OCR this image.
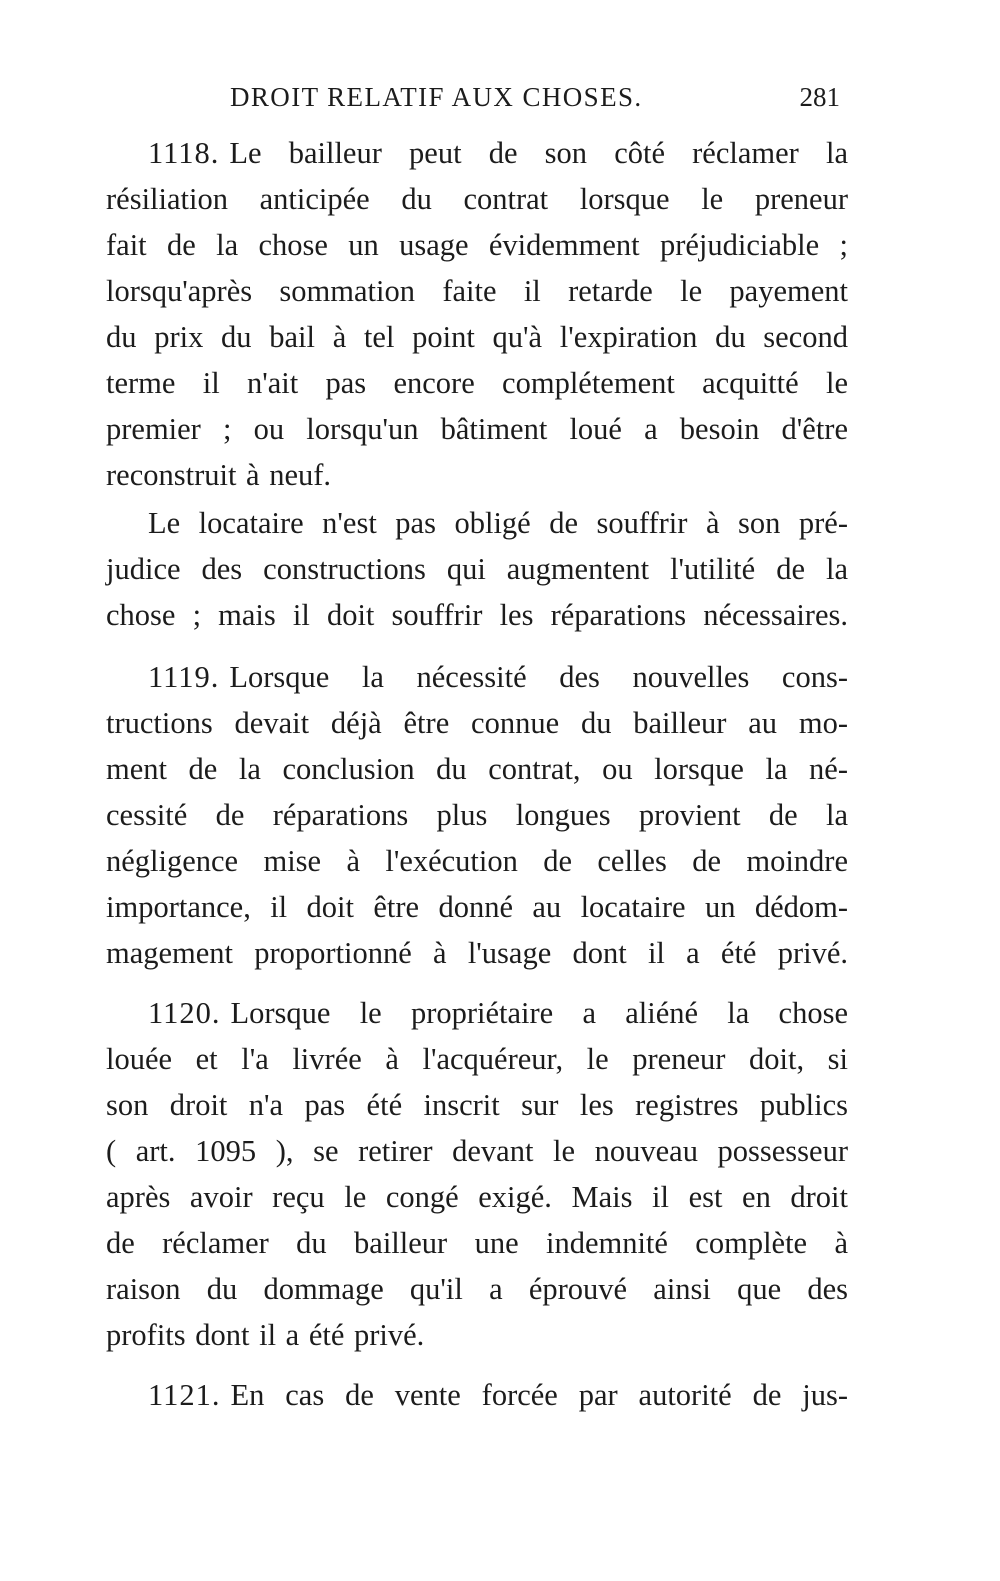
DROIT RELATIF AUX CHOSES.	281
1118. Le bailleur peut de son côté réclamer la
résiliation anticipée du contrat lorsque le preneur
fait de la chose un usage évidemment préjudiciable ;
lorsqu'après sommation faite il retarde le payement
du prix du bail à tel point qu'à l'expiration du second
terme il n'ait pas encore complétement acquitté le
premier ; ou lorsqu'un bâtiment loué a besoin d'être
reconstruit à neuf.
Le locataire n'est pas obligé de souffrir à son pré-
judice des constructions qui augmentent l'utilité de la
chose ; mais il doit souffrir les réparations nécessaires.
1119. Lorsque la nécessité des nouvelles cons-
tructions devait déjà être connue du bailleur au mo-
ment de la conclusion du contrat, ou lorsque la né-
cessité de réparations plus longues provient de la
négligence mise à l'exécution de celles de moindre
importance, il doit être donné au locataire un dédom-
magement proportionné à l'usage dont il a été privé.
1120. Lorsque le propriétaire a aliéné la chose
louée et l'a livrée à l'acquéreur, le preneur doit, si
son droit n'a pas été inscrit sur les registres publics
( art. 1095 ), se retirer devant le nouveau possesseur
après avoir reçu le congé exigé. Mais il est en droit
de réclamer du bailleur une indemnité complète à
raison du dommage qu'il a éprouvé ainsi que des
profits dont il a été privé.
1121. En cas de vente forcée par autorité de jus-
